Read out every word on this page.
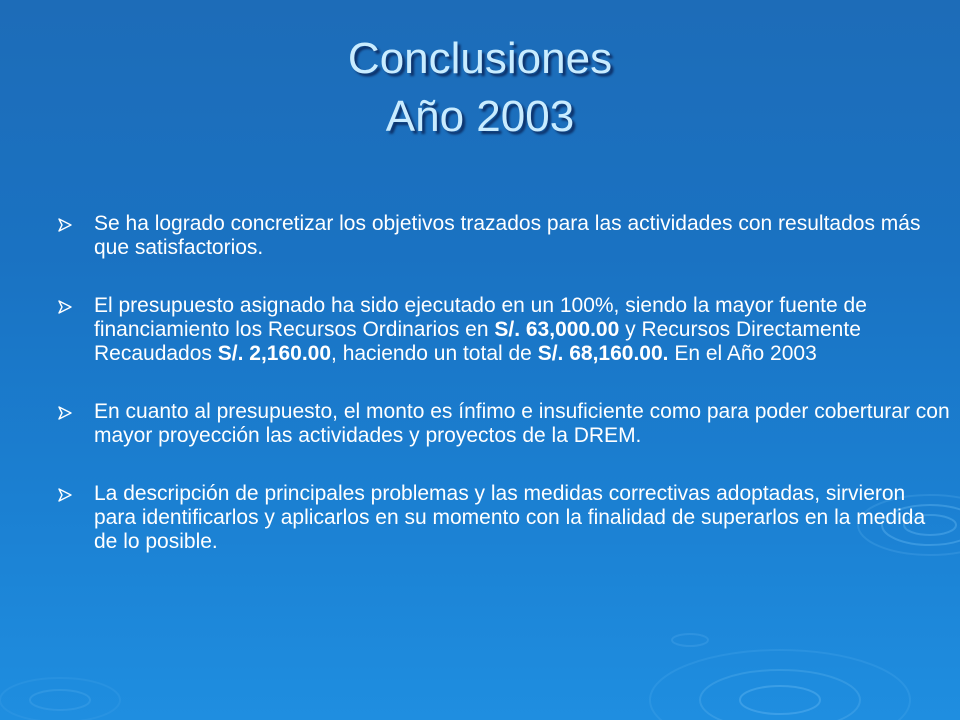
Conclusiones
Año 2003
Se ha logrado concretizar los objetivos trazados para las actividades con resultados más que satisfactorios.
El presupuesto asignado ha sido ejecutado en un 100%, siendo la mayor fuente de financiamiento los Recursos Ordinarios en S/. 63,000.00 y Recursos Directamente Recaudados S/. 2,160.00, haciendo un total de S/. 68,160.00. En el Año 2003
En cuanto al presupuesto, el monto es ínfimo e insuficiente como para poder coberturar con mayor proyección las actividades y proyectos de la DREM.
La descripción de principales problemas y las medidas correctivas adoptadas, sirvieron para identificarlos y aplicarlos en su momento con la finalidad de superarlos en la medida de lo posible.
